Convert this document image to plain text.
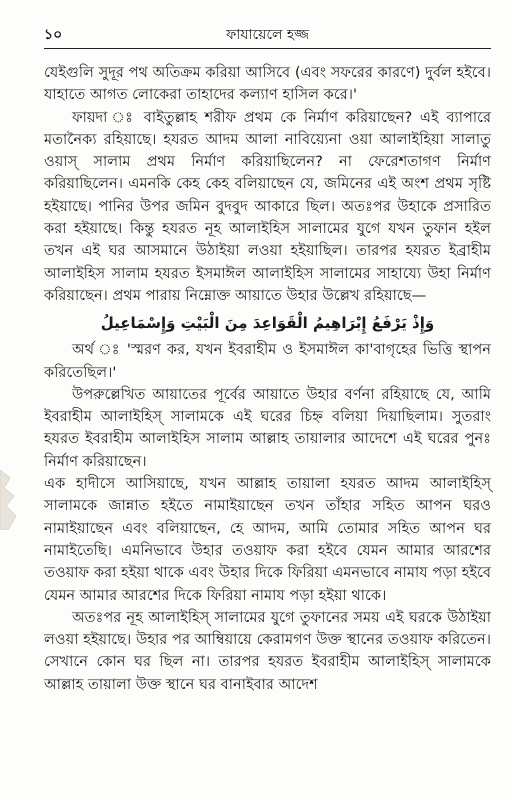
১০	ফাযায়েলে হজ্জ

যেইগুলি সুদূর পথ অতিক্রম করিয়া আসিবে (এবং সফরের কারণে) দুর্বল হইবে। যাহাতে আগত লোকেরা তাহাদের কল্যাণ হাসিল করে।'

ফায়দা ঃ বাইতুল্লাহ শরীফ প্রথম কে নির্মাণ করিয়াছেন? এই ব্যাপারে মতানৈক্য রহিয়াছে। হযরত আদম আলা নাবিয়্যেনা ওয়া আলাইহিয়া সালাতু ওয়াস্ সালাম প্রথম নির্মাণ করিয়াছিলেন? না ফেরেশতাগণ নির্মাণ করিয়াছিলেন। এমনকি কেহ কেহ বলিয়াছেন যে, জমিনের এই অংশ প্রথম সৃষ্টি হইয়াছে। পানির উপর জমিন বুদবুদ আকারে ছিল। অতঃপর উহাকে প্রসারিত করা হইয়াছে। কিন্তু হযরত নূহ আলাইহিস সালামের যুগে যখন তুফান হইল তখন এই ঘর আসমানে উঠাইয়া লওয়া হইয়াছিল। তারপর হযরত ইব্রাহীম আলাইহিস সালাম হযরত ইসমাঈল আলাইহিস সালামের সাহায্যে উহা নির্মাণ করিয়াছেন। প্রথম পারায় নিম্নোক্ত আয়াতে উহার উল্লেখ রহিয়াছে—

وَإِذْ يَرْفَعُ إِبْرَاهِيمُ الْقَوَاعِدَ مِنَ الْبَيْتِ وَإِسْمَاعِيلُ

অর্থ ঃ 'স্মরণ কর, যখন ইবরাহীম ও ইসমাঈল কা'বাগৃহের ভিত্তি স্থাপন করিতেছিল।'

উপরুল্লেখিত আয়াতের পূর্বের আয়াতে উহার বর্ণনা রহিয়াছে যে, আমি ইবরাহীম আলাইহিস্ সালামকে এই ঘরের চিহ্ন বলিয়া দিয়াছিলাম। সুতরাং হযরত ইবরাহীম আলাইহিস সালাম আল্লাহ তায়ালার আদেশে এই ঘরের পুনঃ নির্মাণ করিয়াছেন।

এক হাদীসে আসিয়াছে, যখন আল্লাহ তায়ালা হযরত আদম আলাইহিস্ সালামকে জান্নাত হইতে নামাইয়াছেন তখন তাঁহার সহিত আপন ঘরও নামাইয়াছেন এবং বলিয়াছেন, হে আদম, আমি তোমার সহিত আপন ঘর নামাইতেছি। এমনিভাবে উহার তওয়াফ করা হইবে যেমন আমার আরশের তওয়াফ করা হইয়া থাকে এবং উহার দিকে ফিরিয়া এমনভাবে নামায পড়া হইবে যেমন আমার আরশের দিকে ফিরিয়া নামায পড়া হইয়া থাকে।

অতঃপর নূহ আলাইহিস্ সালামের যুগে তুফানের সময় এই ঘরকে উঠাইয়া লওয়া হইয়াছে। উহার পর আম্বিয়ায়ে কেরামগণ উক্ত স্থানের তওয়াফ করিতেন। সেখানে কোন ঘর ছিল না। তারপর হযরত ইবরাহীম আলাইহিস্ সালামকে আল্লাহ তায়ালা উক্ত স্থানে ঘর বানাইবার আদেশ
